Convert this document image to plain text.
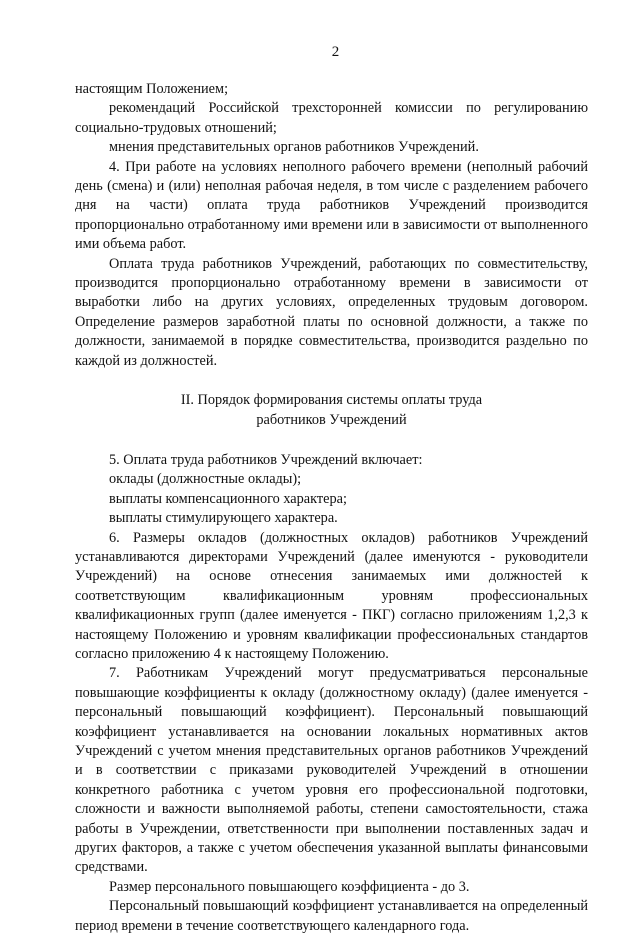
2

настоящим Положением;

рекомендаций Российской трехсторонней комиссии по регулированию социально-трудовых отношений;

мнения представительных органов работников Учреждений.

4. При работе на условиях неполного рабочего времени (неполный рабочий день (смена) и (или) неполная рабочая неделя, в том числе с разделением рабочего дня на части) оплата труда работников Учреждений производится пропорционально отработанному ими времени или в зависимости от выполненного ими объема работ.

Оплата труда работников Учреждений, работающих по совместительству, производится пропорционально отработанному времени в зависимости от выработки либо на других условиях, определенных трудовым договором. Определение размеров заработной платы по основной должности, а также по должности, занимаемой в порядке совместительства, производится раздельно по каждой из должностей.

II. Порядок формирования системы оплаты труда
работников Учреждений

5. Оплата труда работников Учреждений включает:

оклады (должностные оклады);

выплаты компенсационного характера;

выплаты стимулирующего характера.

6. Размеры окладов (должностных окладов) работников Учреждений устанавливаются директорами Учреждений (далее именуются - руководители Учреждений) на основе отнесения занимаемых ими должностей к соответствующим квалификационным уровням профессиональных квалификационных групп (далее именуется - ПКГ) согласно приложениям 1,2,3 к настоящему Положению и уровням квалификации профессиональных стандартов согласно приложению 4 к настоящему Положению.

7. Работникам Учреждений могут предусматриваться персональные повышающие коэффициенты к окладу (должностному окладу) (далее именуется - персональный повышающий коэффициент). Персональный повышающий коэффициент устанавливается на основании локальных нормативных актов Учреждений с учетом мнения представительных органов работников Учреждений и в соответствии с приказами руководителей Учреждений в отношении конкретного работника с учетом уровня его профессиональной подготовки, сложности и важности выполняемой работы, степени самостоятельности, стажа работы в Учреждении, ответственности при выполнении поставленных задач и других факторов, а также с учетом обеспечения указанной выплаты финансовыми средствами.

Размер персонального повышающего коэффициента - до 3.

Персональный повышающий коэффициент устанавливается на определенный период времени в течение соответствующего календарного года.
